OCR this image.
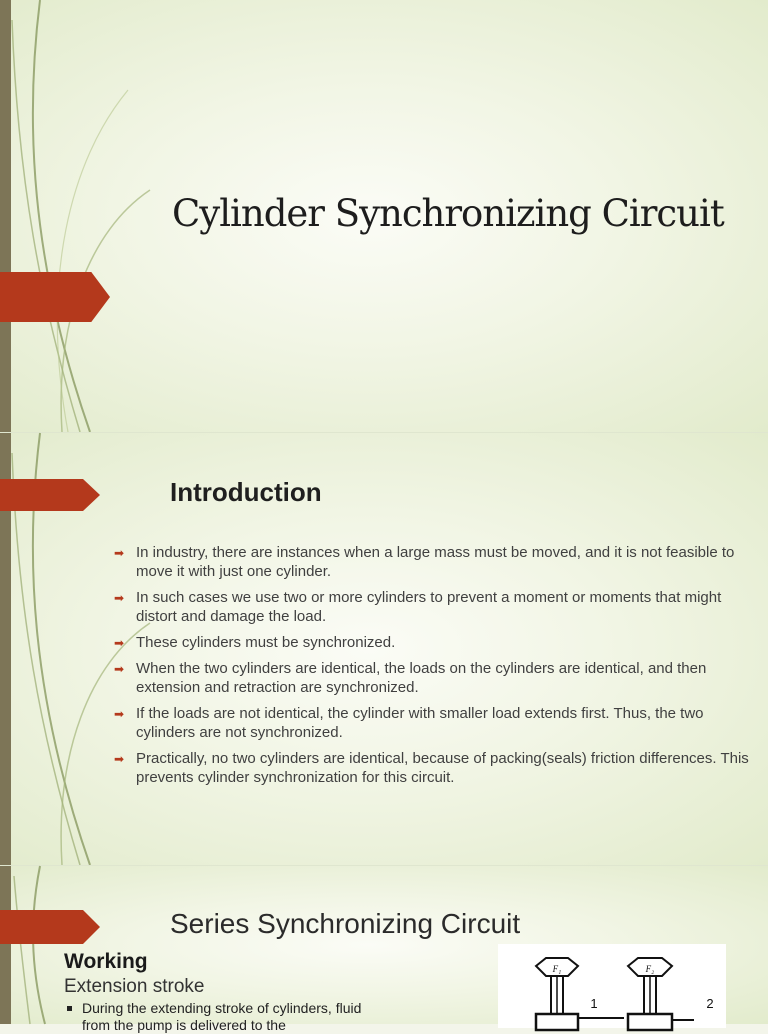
Cylinder Synchronizing Circuit
Introduction
➡ In industry, there are instances when a large mass must be moved, and it is not feasible to move it with just one cylinder.
➡ In such cases we use two or more cylinders to prevent a moment or moments that might distort and damage the load.
➡ These cylinders must be synchronized.
➡ When the two cylinders are identical, the loads on the cylinders are identical, and then extension and retraction are synchronized.
➡ If the loads are not identical, the cylinder with smaller load extends first. Thus, the two cylinders are not synchronized.
➡ Practically, no two cylinders are identical, because of packing(seals) friction differences. This prevents cylinder synchronization for this circuit.
Series Synchronizing Circuit
Working
Extension stroke
During the extending stroke of cylinders, fluid from the pump is delivered to the
F₁
1
F₂
2
